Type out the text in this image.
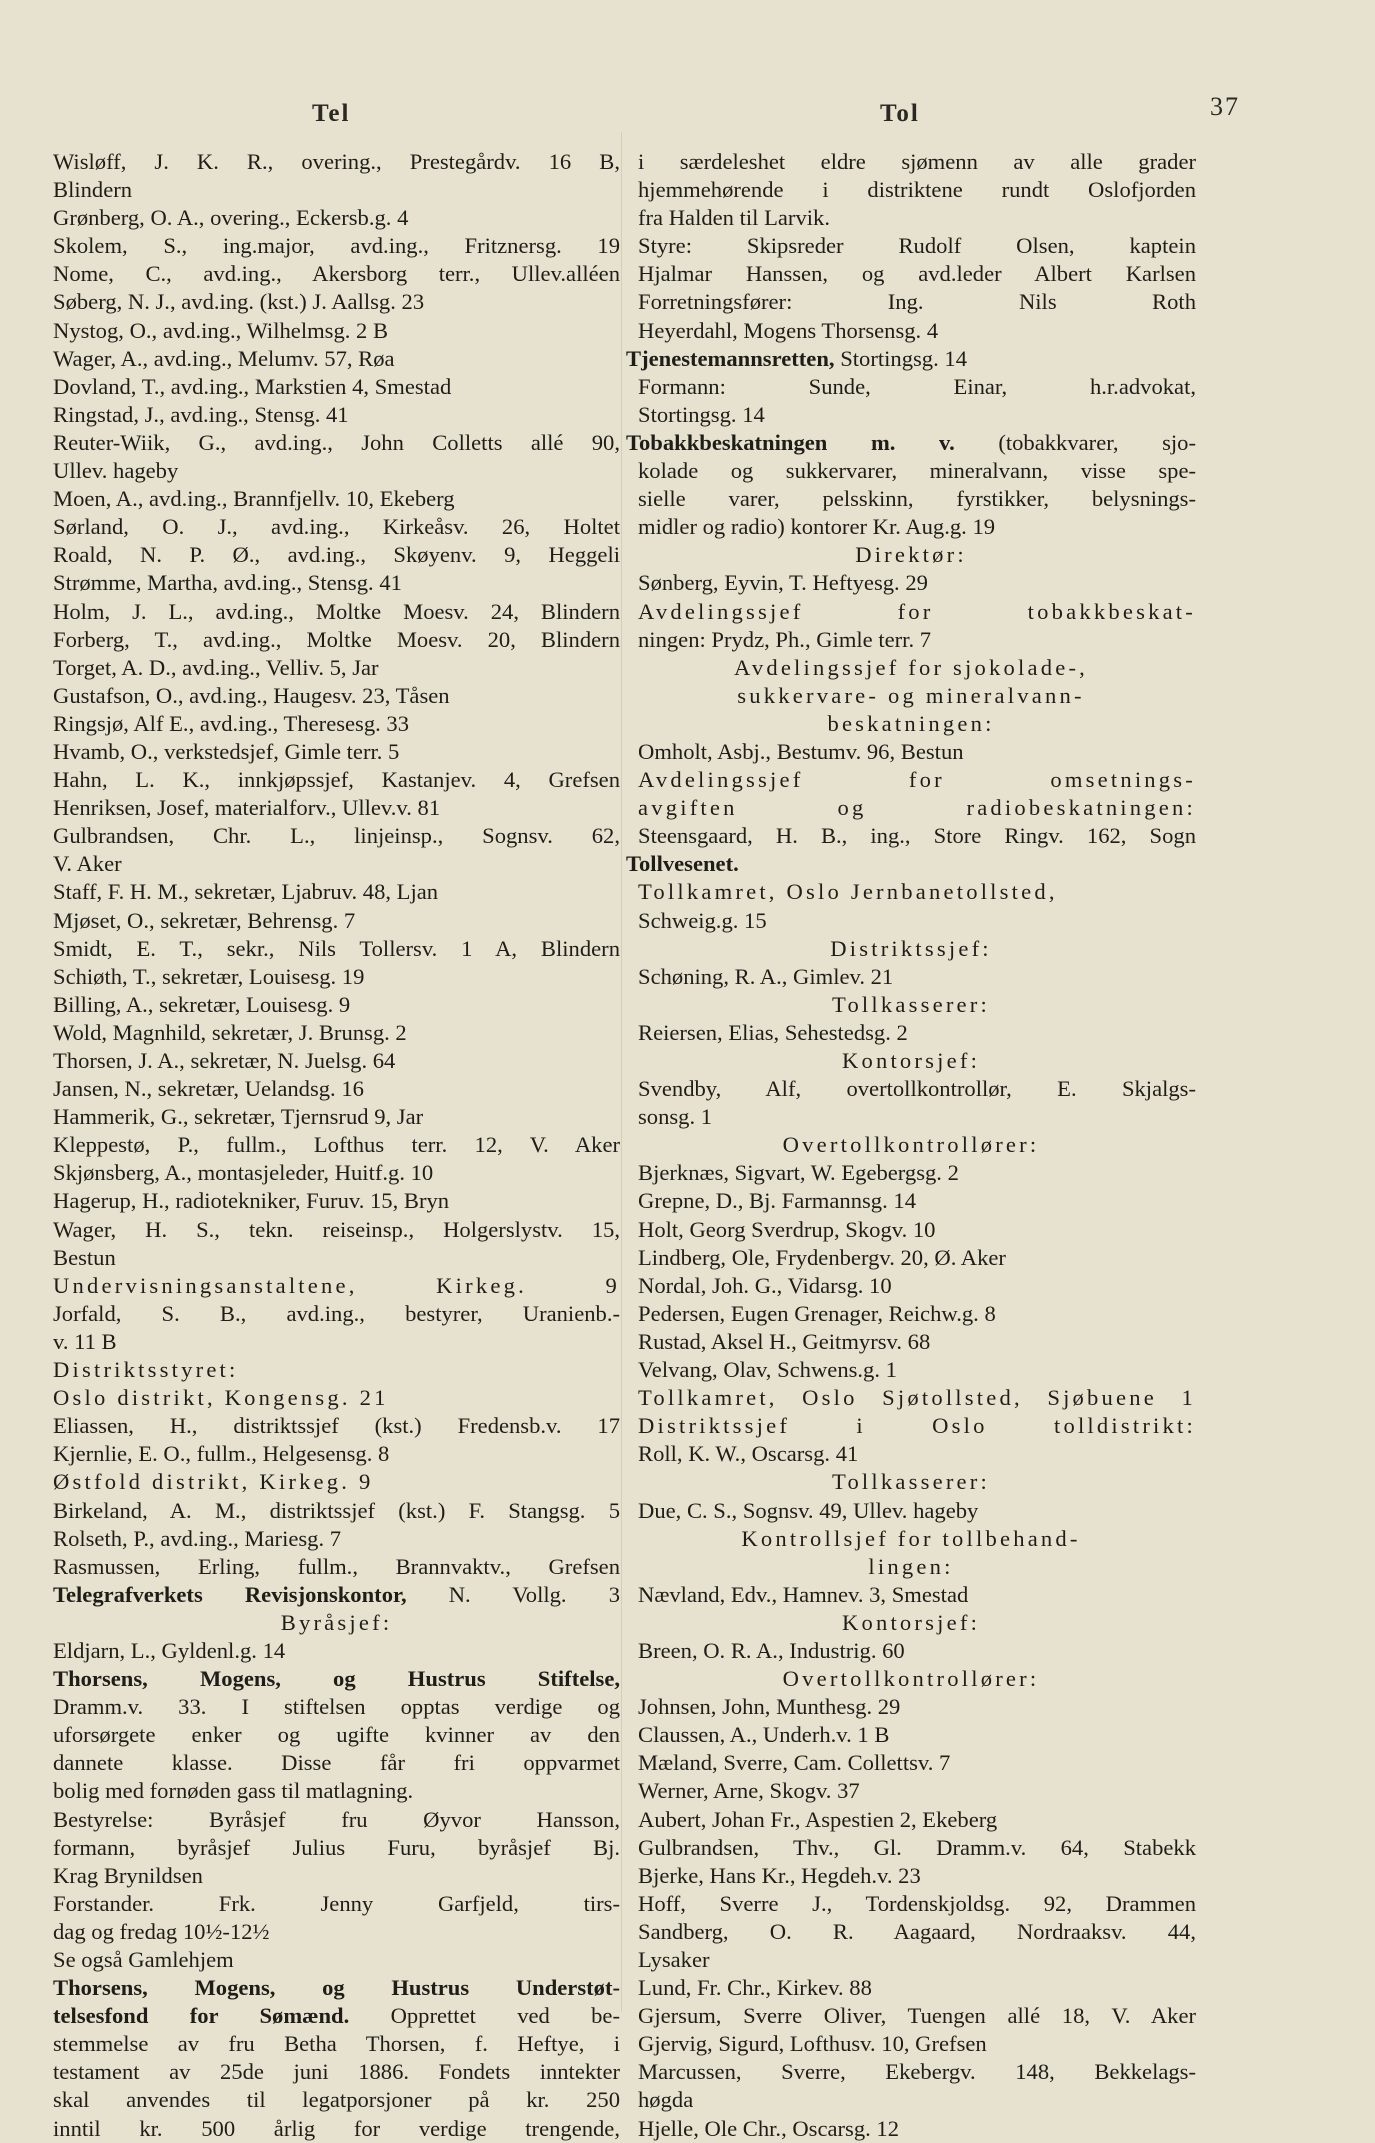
Tel	Tol	37
Wisløff, J. K. R., overing., Prestegårdv. 16 B,
Blindern
Grønberg, O. A., overing., Eckersb.g. 4
Skolem, S., ing.major, avd.ing., Fritznersg. 19
Nome, C., avd.ing., Akersborg terr., Ullev.alléen
Søberg, N. J., avd.ing. (kst.) J. Aallsg. 23
Nystog, O., avd.ing., Wilhelmsg. 2 B
Wager, A., avd.ing., Melumv. 57, Røa
Dovland, T., avd.ing., Markstien 4, Smestad
Ringstad, J., avd.ing., Stensg. 41
Reuter-Wiik, G., avd.ing., John Colletts allé 90,
Ullev. hageby
Moen, A., avd.ing., Brannfjellv. 10, Ekeberg
Sørland, O. J., avd.ing., Kirkeåsv. 26, Holtet
Roald, N. P. Ø., avd.ing., Skøyenv. 9, Heggeli
Strømme, Martha, avd.ing., Stensg. 41
Holm, J. L., avd.ing., Moltke Moesv. 24, Blindern
Forberg, T., avd.ing., Moltke Moesv. 20, Blindern
Torget, A. D., avd.ing., Velliv. 5, Jar
Gustafson, O., avd.ing., Haugesv. 23, Tåsen
Ringsjø, Alf E., avd.ing., Theresesg. 33
Hvamb, O., verkstedsjef, Gimle terr. 5
Hahn, L. K., innkjøpssjef, Kastanjev. 4, Grefsen
Henriksen, Josef, materialforv., Ullev.v. 81
Gulbrandsen, Chr. L., linjeinsp., Sognsv. 62,
V. Aker
Staff, F. H. M., sekretær, Ljabruv. 48, Ljan
Mjøset, O., sekretær, Behrensg. 7
Smidt, E. T., sekr., Nils Tollersv. 1 A, Blindern
Schiøth, T., sekretær, Louisesg. 19
Billing, A., sekretær, Louisesg. 9
Wold, Magnhild, sekretær, J. Brunsg. 2
Thorsen, J. A., sekretær, N. Juelsg. 64
Jansen, N., sekretær, Uelandsg. 16
Hammerik, G., sekretær, Tjernsrud 9, Jar
Kleppestø, P., fullm., Lofthus terr. 12, V. Aker
Skjønsberg, A., montasjeleder, Huitf.g. 10
Hagerup, H., radiotekniker, Furuv. 15, Bryn
Wager, H. S., tekn. reiseinsp., Holgerslystv. 15,
Bestun
Undervisningsanstaltene, Kirkeg. 9
Jorfald, S. B., avd.ing., bestyrer, Uranienb.-
v. 11 B
Distriktsstyret:
Oslo distrikt, Kongensg. 21
Eliassen, H., distriktssjef (kst.) Fredensb.v. 17
Kjernlie, E. O., fullm., Helgesensg. 8
Østfold distrikt, Kirkeg. 9
Birkeland, A. M., distriktssjef (kst.) F. Stangsg. 5
Rolseth, P., avd.ing., Mariesg. 7
Rasmussen, Erling, fullm., Brannvaktv., Grefsen
Telegrafverkets Revisjonskontor, N. Vollg. 3
Byråsjef:
Eldjarn, L., Gyldenl.g. 14
Thorsens, Mogens, og Hustrus Stiftelse,
Dramm.v. 33. I stiftelsen opptas verdige og
uforsørgete enker og ugifte kvinner av den
dannete klasse. Disse får fri oppvarmet
bolig med fornøden gass til matlagning.
Bestyrelse: Byråsjef fru Øyvor Hansson,
formann, byråsjef Julius Furu, byråsjef Bj.
Krag Brynildsen
Forstander. Frk. Jenny Garfjeld, tirs-
dag og fredag 10½-12½
Se også Gamlehjem
Thorsens, Mogens, og Hustrus Understøt-
telsesfond for Sømænd. Opprettet ved be-
stemmelse av fru Betha Thorsen, f. Heftye, i
testament av 25de juni 1886. Fondets inntekter
skal anvendes til legatporsjoner på kr. 250
inntil kr. 500 årlig for verdige trengende,
i særdeleshet eldre sjømenn av alle grader
hjemmehørende i distriktene rundt Oslofjorden
fra Halden til Larvik.
Styre: Skipsreder Rudolf Olsen, kaptein
Hjalmar Hanssen, og avd.leder Albert Karlsen
Forretningsfører: Ing. Nils Roth
Heyerdahl, Mogens Thorsensg. 4
Tjenestemannsretten, Stortingsg. 14
Formann: Sunde, Einar, h.r.advokat,
Stortingsg. 14
Tobakkbeskatningen m. v. (tobakkvarer, sjo-
kolade og sukkervarer, mineralvann, visse spe-
sielle varer, pelsskinn, fyrstikker, belysnings-
midler og radio) kontorer Kr. Aug.g. 19
Direktør:
Sønberg, Eyvin, T. Heftyesg. 29
Avdelingssjef for tobakkbeskat-
ningen: Prydz, Ph., Gimle terr. 7
Avdelingssjef for sjokolade-,
sukkervare- og mineralvann-
beskatningen:
Omholt, Asbj., Bestumv. 96, Bestun
Avdelingssjef for omsetnings-
avgiften og radiobeskatningen:
Steensgaard, H. B., ing., Store Ringv. 162, Sogn
Tollvesenet.
Tollkamret, Oslo Jernbanetollsted,
Schweig.g. 15
Distriktssjef:
Schøning, R. A., Gimlev. 21
Tollkasserer:
Reiersen, Elias, Sehestedsg. 2
Kontorsjef:
Svendby, Alf, overtollkontrollør, E. Skjalgs-
sonsg. 1
Overtollkontrollører:
Bjerknæs, Sigvart, W. Egebergsg. 2
Grepne, D., Bj. Farmannsg. 14
Holt, Georg Sverdrup, Skogv. 10
Lindberg, Ole, Frydenbergv. 20, Ø. Aker
Nordal, Joh. G., Vidarsg. 10
Pedersen, Eugen Grenager, Reichw.g. 8
Rustad, Aksel H., Geitmyrsv. 68
Velvang, Olav, Schwens.g. 1
Tollkamret, Oslo Sjøtollsted, Sjøbuene 1
Distriktssjef i Oslo tolldistrikt:
Roll, K. W., Oscarsg. 41
Tollkasserer:
Due, C. S., Sognsv. 49, Ullev. hageby
Kontrollsjef for tollbehand-
lingen:
Nævland, Edv., Hamnev. 3, Smestad
Kontorsjef:
Breen, O. R. A., Industrig. 60
Overtollkontrollører:
Johnsen, John, Munthesg. 29
Claussen, A., Underh.v. 1 B
Mæland, Sverre, Cam. Collettsv. 7
Werner, Arne, Skogv. 37
Aubert, Johan Fr., Aspestien 2, Ekeberg
Gulbrandsen, Thv., Gl. Dramm.v. 64, Stabekk
Bjerke, Hans Kr., Hegdeh.v. 23
Hoff, Sverre J., Tordenskjoldsg. 92, Drammen
Sandberg, O. R. Aagaard, Nordraaksv. 44,
Lysaker
Lund, Fr. Chr., Kirkev. 88
Gjersum, Sverre Oliver, Tuengen allé 18, V. Aker
Gjervig, Sigurd, Lofthusv. 10, Grefsen
Marcussen, Sverre, Ekebergv. 148, Bekkelags-
høgda
Hjelle, Ole Chr., Oscarsg. 12
